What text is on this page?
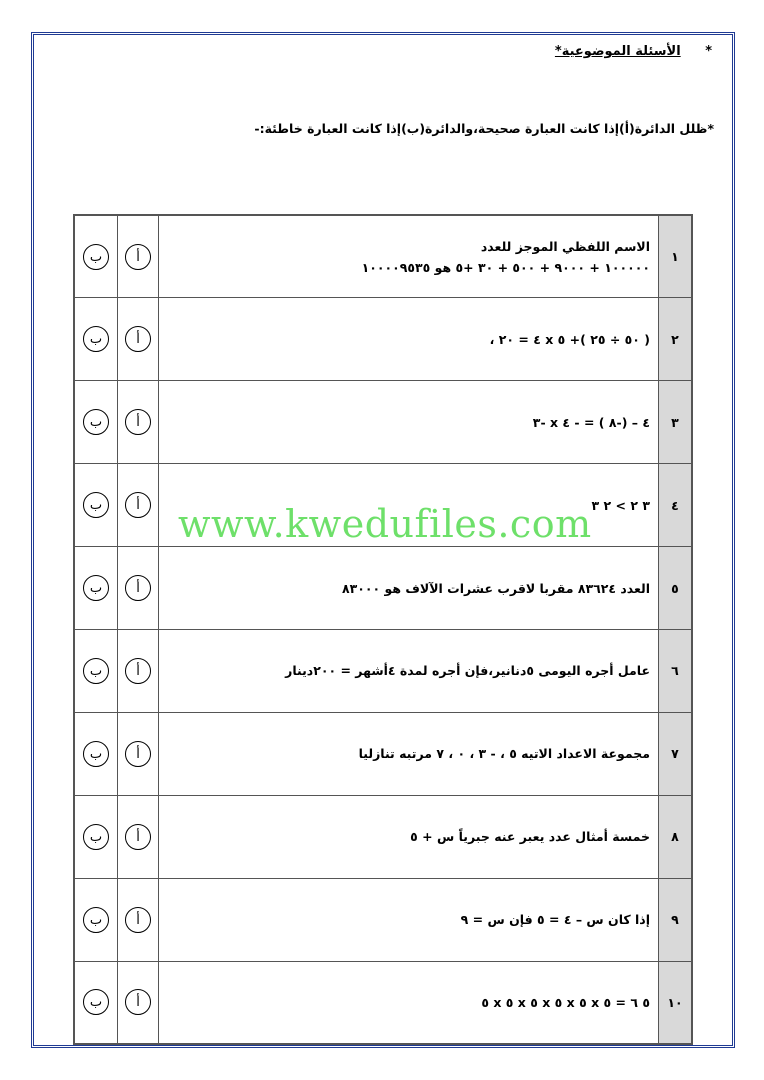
* الأسئلة الموضوعية*
*ظلل الدائرة(أ)إذا كانت العبارة صحيحة،والدائرة(ب)إذا كانت العبارة خاطئة:-
ب	أ	الاسم اللفظي الموجز للعدد
١٠٠٠٠٠ + ٩٠٠٠ + ٥٠٠ + ٣٠ +٥ هو ١٠٠٠٠٩٥٣٥	١
ب	أ	( ٥٠ ÷ ٢٥ )+ ٥ x ٤ = ٢٠ ،	٢
ب	أ	٤ – (-٨ ) = - ٤ x -٣	٣
ب	أ	٣ ٢ > ٢ ٣	٤
ب	أ	العدد ٨٣٦٢٤ مقربا لاقرب عشرات الآلاف هو ٨٣٠٠٠	٥
ب	أ	عامل أجره اليومى ٥دنانير،فإن أجره لمدة ٤أشهر = ٢٠٠دينار	٦
ب	أ	مجموعة الاعداد الاتيه ٥ ، - ٣ ، ٠ ، ٧ مرتبه تنازليا	٧
ب	أ	خمسة أمثال عدد يعبر عنه جبرياً س + ٥	٨
ب	أ	إذا كان س – ٤ = ٥ فإن س = ٩	٩
ب	أ	٥ ٦ = ٥ x ٥ x ٥ x ٥ x ٥ x ٥	١٠
www.kwedufiles.com
